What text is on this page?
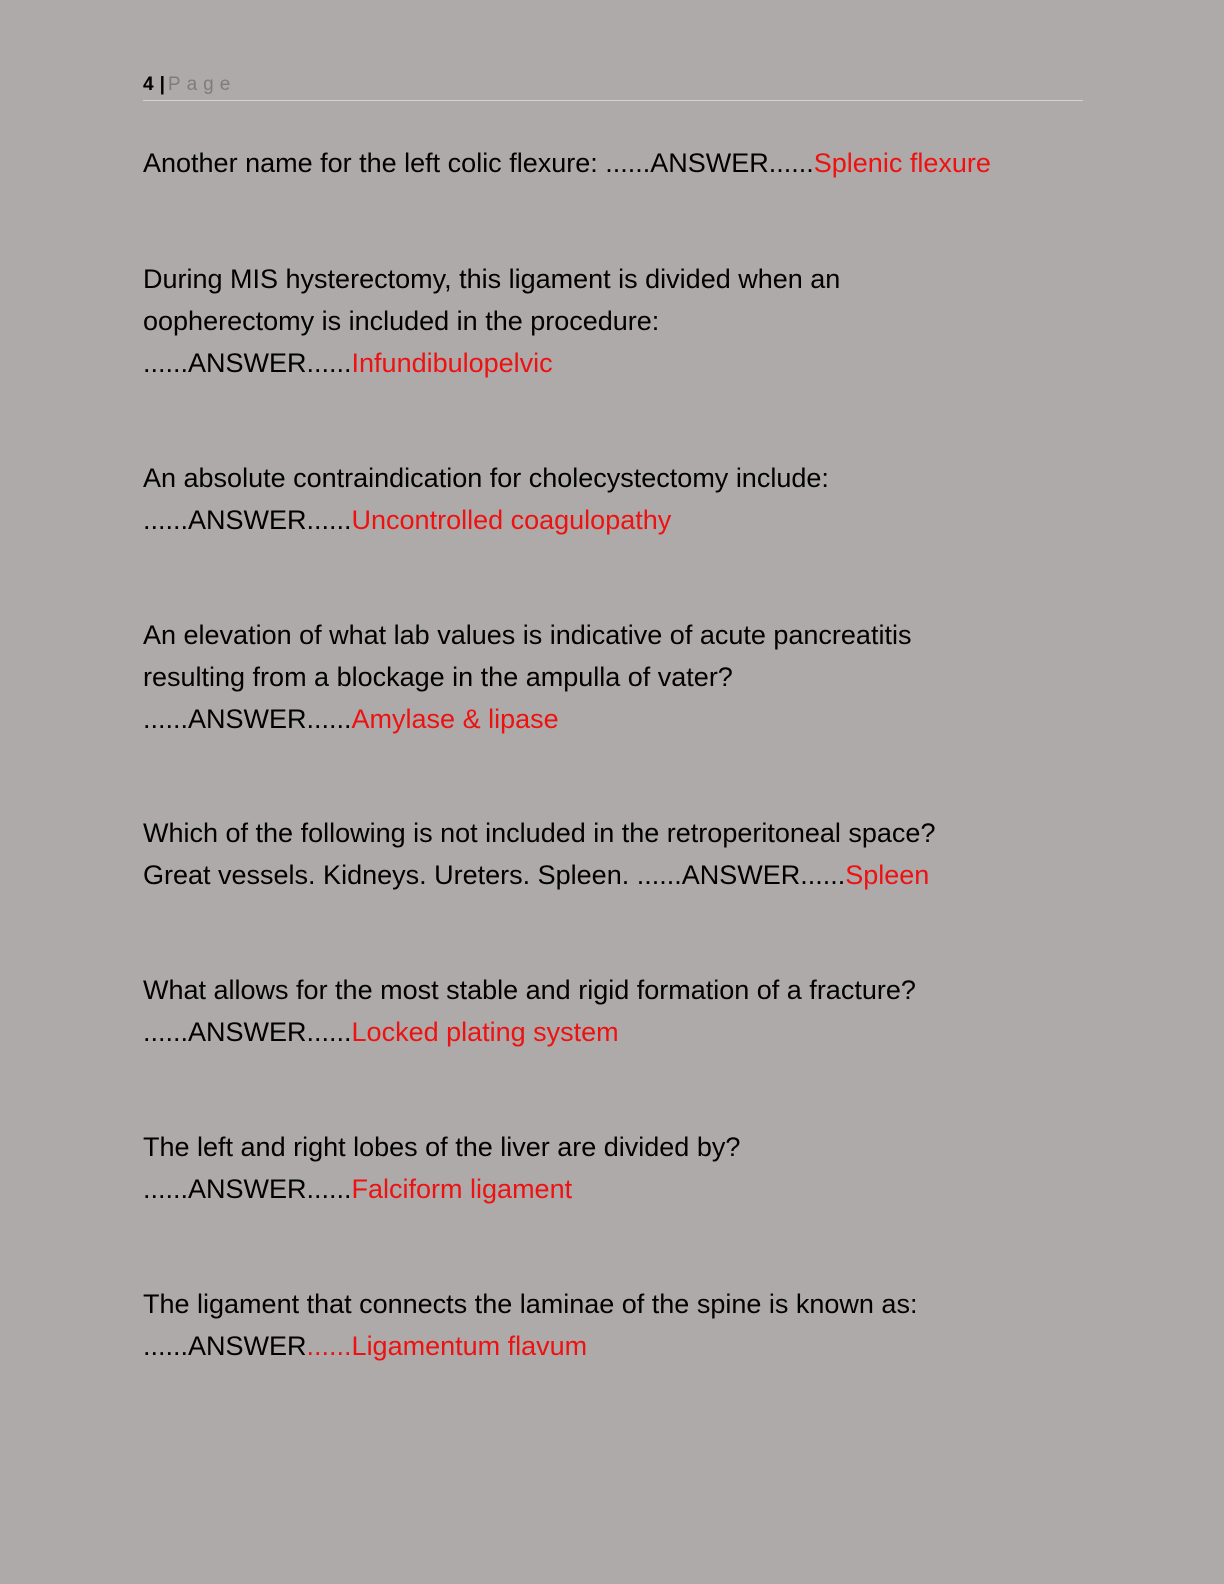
4 | Page

Another name for the left colic flexure: ......ANSWER......Splenic flexure

During MIS hysterectomy, this ligament is divided when an
oopherectomy is included in the procedure:
......ANSWER......Infundibulopelvic
An absolute contraindication for cholecystectomy include:
......ANSWER......Uncontrolled coagulopathy
An elevation of what lab values is indicative of acute pancreatitis
resulting from a blockage in the ampulla of vater?
......ANSWER......Amylase & lipase
Which of the following is not included in the retroperitoneal space?
Great vessels. Kidneys. Ureters. Spleen. ......ANSWER......Spleen
What allows for the most stable and rigid formation of a fracture?
......ANSWER......Locked plating system
The left and right lobes of the liver are divided by?
......ANSWER......Falciform ligament
The ligament that connects the laminae of the spine is known as:
......ANSWER......Ligamentum flavum
